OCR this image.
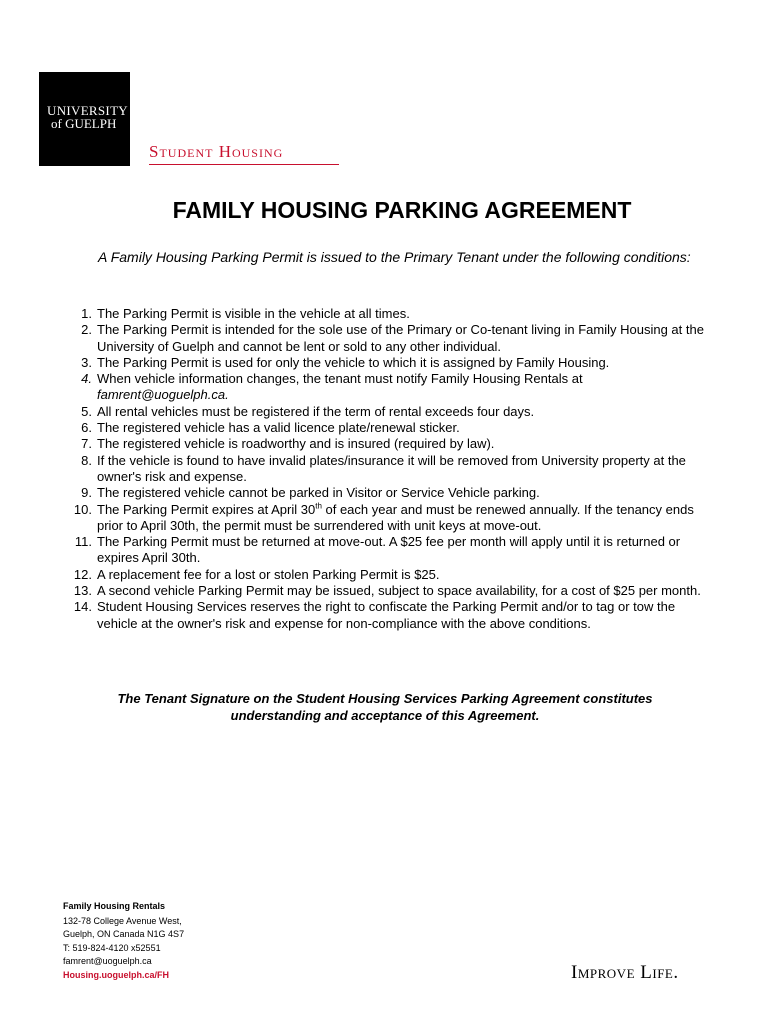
UNIVERSITY
of GUELPH
Student Housing
FAMILY HOUSING PARKING AGREEMENT
A Family Housing Parking Permit is issued to the Primary Tenant under the following conditions:
1. The Parking Permit is visible in the vehicle at all times.
2. The Parking Permit is intended for the sole use of the Primary or Co-tenant living in Family Housing at the University of Guelph and cannot be lent or sold to any other individual.
3. The Parking Permit is used for only the vehicle to which it is assigned by Family Housing.
4. When vehicle information changes, the tenant must notify Family Housing Rentals at
famrent@uoguelph.ca.
5. All rental vehicles must be registered if the term of rental exceeds four days.
6. The registered vehicle has a valid licence plate/renewal sticker.
7. The registered vehicle is roadworthy and is insured (required by law).
8. If the vehicle is found to have invalid plates/insurance it will be removed from University property at the owner's risk and expense.
9. The registered vehicle cannot be parked in Visitor or Service Vehicle parking.
10. The Parking Permit expires at April 30th of each year and must be renewed annually. If the tenancy ends prior to April 30th, the permit must be surrendered with unit keys at move-out.
11. The Parking Permit must be returned at move-out. A $25 fee per month will apply until it is returned or expires April 30th.
12. A replacement fee for a lost or stolen Parking Permit is $25.
13. A second vehicle Parking Permit may be issued, subject to space availability, for a cost of $25 per month.
14. Student Housing Services reserves the right to confiscate the Parking Permit and/or to tag or tow the vehicle at the owner's risk and expense for non-compliance with the above conditions.
The Tenant Signature on the Student Housing Services Parking Agreement constitutes understanding and acceptance of this Agreement.
Family Housing Rentals
132-78 College Avenue West,
Guelph, ON Canada N1G 4S7
T: 519-824-4120 x52551
famrent@uoguelph.ca
Housing.uoguelph.ca/FH	Improve Life.
